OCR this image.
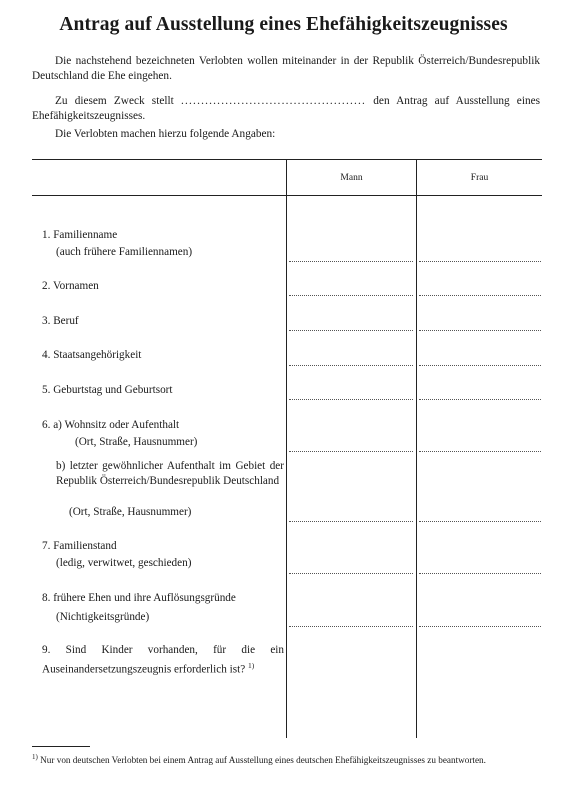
Antrag auf Ausstellung eines Ehefähigkeitszeugnisses
Die nachstehend bezeichneten Verlobten wollen miteinander in der Republik Österreich/Bundesrepublik Deutschland die Ehe eingehen.
Zu diesem Zweck stellt .............................................. den Antrag auf Ausstellung eines Ehefähigkeitszeugnisses.
Die Verlobten machen hierzu folgende Angaben:
Mann	Frau
1. Familienname
(auch frühere Familiennamen)
2. Vornamen
3. Beruf
4. Staatsangehörigkeit
5. Geburtstag und Geburtsort
6. a) Wohnsitz oder Aufenthalt
(Ort, Straße, Hausnummer)
b) letzter gewöhnlicher Aufenthalt im Gebiet der Republik Österreich/Bundesrepublik Deutschland
(Ort, Straße, Hausnummer)
7. Familienstand
(ledig, verwitwet, geschieden)
8. frühere Ehen und ihre Auflösungsgründe
(Nichtigkeitsgründe)
9. Sind Kinder vorhanden, für die ein Auseinandersetzungszeugnis erforderlich ist? $^{1)}$
$^{1)}$ Nur von deutschen Verlobten bei einem Antrag auf Ausstellung eines deutschen Ehefähigkeitszeugnisses zu beantworten.
